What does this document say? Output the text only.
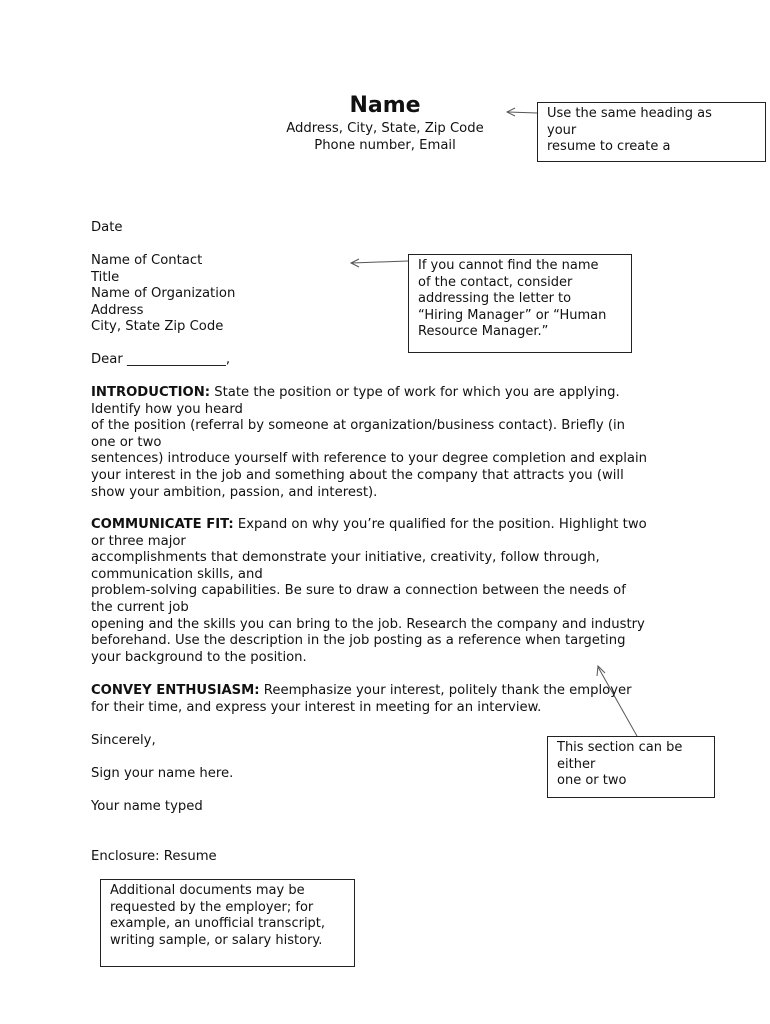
Name
Address, City, State, Zip Code
Phone number, Email
Date
Name of Contact
Title
Name of Organization
Address
City, State Zip Code
Dear _______________,
INTRODUCTION: State the position or type of work for which you are applying.
Identify how you heard
of the position (referral by someone at organization/business contact). Briefly (in
one or two
sentences) introduce yourself with reference to your degree completion and explain
your interest in the job and something about the company that attracts you (will
show your ambition, passion, and interest).
COMMUNICATE FIT: Expand on why you’re qualified for the position. Highlight two
or three major
accomplishments that demonstrate your initiative, creativity, follow through,
communication skills, and
problem-solving capabilities. Be sure to draw a connection between the needs of
the current job
opening and the skills you can bring to the job. Research the company and industry
beforehand. Use the description in the job posting as a reference when targeting
your background to the position.
CONVEY ENTHUSIASM: Reemphasize your interest, politely thank the employer
for their time, and express your interest in meeting for an interview.
Sincerely,
Sign your name here.
Your name typed
Enclosure: Resume
Use the same heading as
your
resume to create a
If you cannot find the name
of the contact, consider
addressing the letter to
“Hiring Manager” or “Human
Resource Manager.”
This section can be
either
one or two
Additional documents may be
requested by the employer; for
example, an unofficial transcript,
writing sample, or salary history.
